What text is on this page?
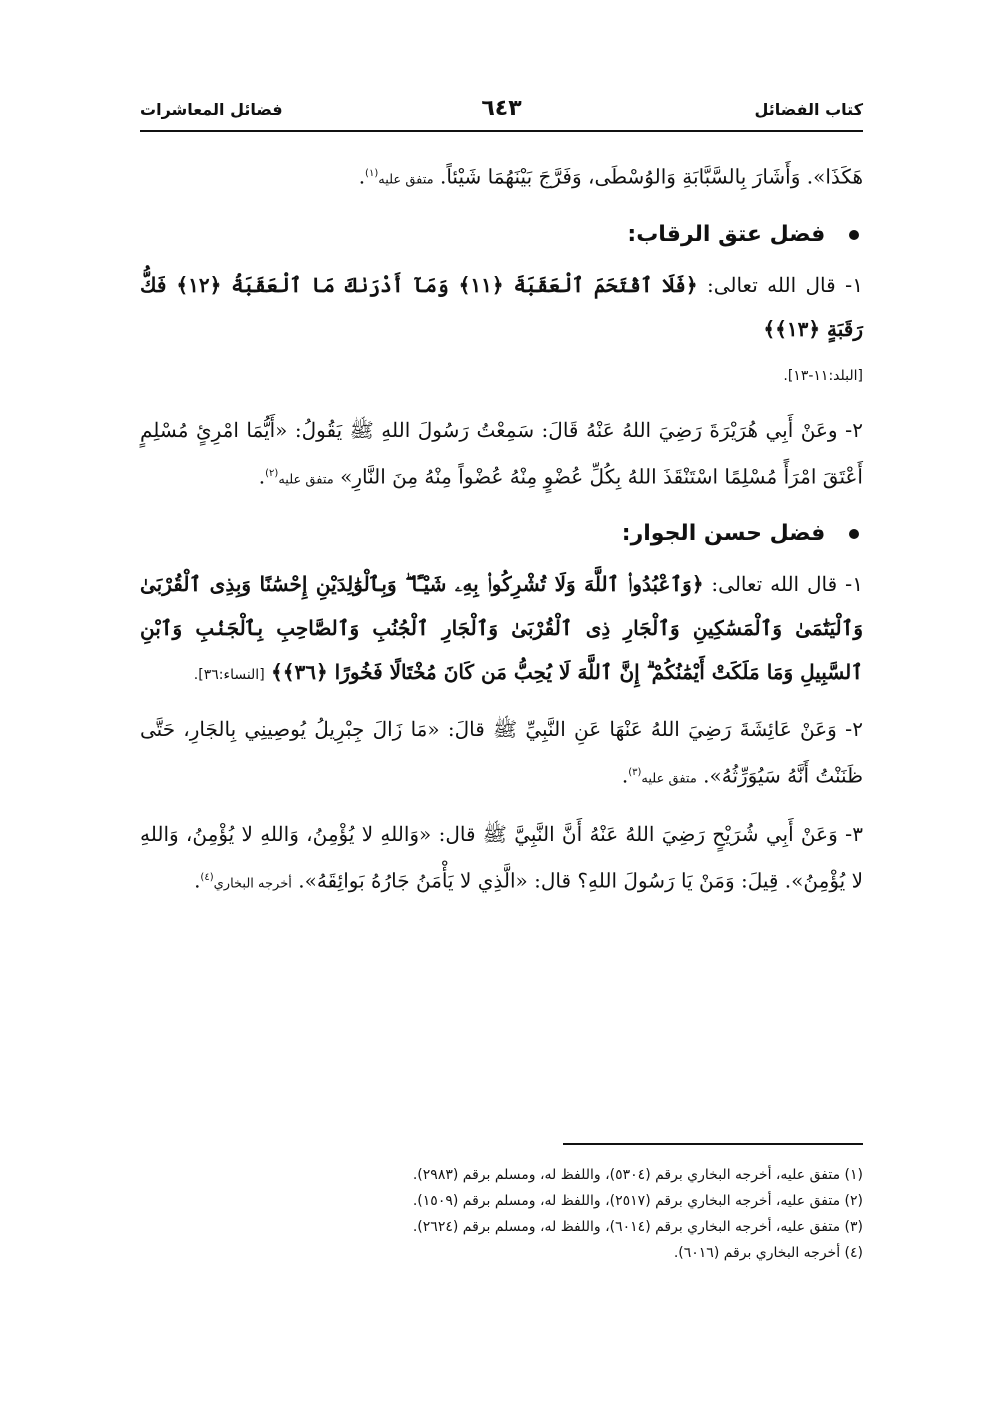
كتاب الفضائل
٦٤٣
فضائل المعاشرات

هَكَذَا». وَأَشَارَ بِالسَّبَّابَةِ وَالوُسْطَى، وَفَرَّجَ بَيْنَهُمَا شَيْئاً. متفق عليه$^{(١)}$.

فضل عتق الرقاب:

١- قال الله تعالى: ﴿فَلَا ٱقْتَحَمَ ٱلْعَقَبَةَ ﴿١١﴾ وَمَآ أَدْرَىٰكَ مَا ٱلْعَقَبَةُ ﴿١٢﴾ فَكُّ رَقَبَةٍ ﴿١٣﴾﴾
[البلد:١١-١٣].

٢- وعَنْ أَبِي هُرَيْرَةَ رَضِيَ اللهُ عَنْهُ قَالَ: سَمِعْتُ رَسُولَ اللهِ ﷺ يَقُولُ: «أَيُّمَا امْرِئٍ مُسْلِمٍ أَعْتَقَ امْرَأً مُسْلِمًا اسْتَنْقَذَ اللهُ بِكُلِّ عُضْوٍ مِنْهُ عُضْواً مِنْهُ مِنَ النَّارِ» متفق عليه$^{(٢)}$.

فضل حسن الجوار:

١- قال الله تعالى: ﴿وَٱعْبُدُوا۟ ٱللَّهَ وَلَا تُشْرِكُوا۟ بِهِۦ شَيْـًٔا ۖ وَبِٱلْوَٰلِدَيْنِ إِحْسَٰنًا وَبِذِى ٱلْقُرْبَىٰ وَٱلْيَتَٰمَىٰ وَٱلْمَسَٰكِينِ وَٱلْجَارِ ذِى ٱلْقُرْبَىٰ وَٱلْجَارِ ٱلْجُنُبِ وَٱلصَّاحِبِ بِٱلْجَنۢبِ وَٱبْنِ ٱلسَّبِيلِ وَمَا مَلَكَتْ أَيْمَٰنُكُمْ ۗ إِنَّ ٱللَّهَ لَا يُحِبُّ مَن كَانَ مُخْتَالًا فَخُورًا ﴿٣٦﴾﴾ [النساء:٣٦].

٢- وَعَنْ عَائِشَةَ رَضِيَ اللهُ عَنْهَا عَنِ النَّبِيِّ ﷺ قالَ: «مَا زَالَ جِبْرِيلُ يُوصِينِي بِالجَارِ، حَتَّى ظَنَنْتُ أَنَّهُ سَيُوَرِّثُهُ». متفق عليه$^{(٣)}$.

٣- وَعَنْ أَبِي شُرَيْحٍ رَضِيَ اللهُ عَنْهُ أَنَّ النَّبِيَّ ﷺ قال: «وَاللهِ لا يُؤْمِنُ، وَاللهِ لا يُؤْمِنُ، وَاللهِ لا يُؤْمِنُ». قِيلَ: وَمَنْ يَا رَسُولَ اللهِ؟ قال: «الَّذِي لا يَأْمَنُ جَارُهُ بَوائِقَهُ». أخرجه البخاري$^{(٤)}$.

(١) متفق عليه، أخرجه البخاري برقم (٥٣٠٤)، واللفظ له، ومسلم برقم (٢٩٨٣).
(٢) متفق عليه، أخرجه البخاري برقم (٢٥١٧)، واللفظ له، ومسلم برقم (١٥٠٩).
(٣) متفق عليه، أخرجه البخاري برقم (٦٠١٤)، واللفظ له، ومسلم برقم (٢٦٢٤).
(٤) أخرجه البخاري برقم (٦٠١٦).
